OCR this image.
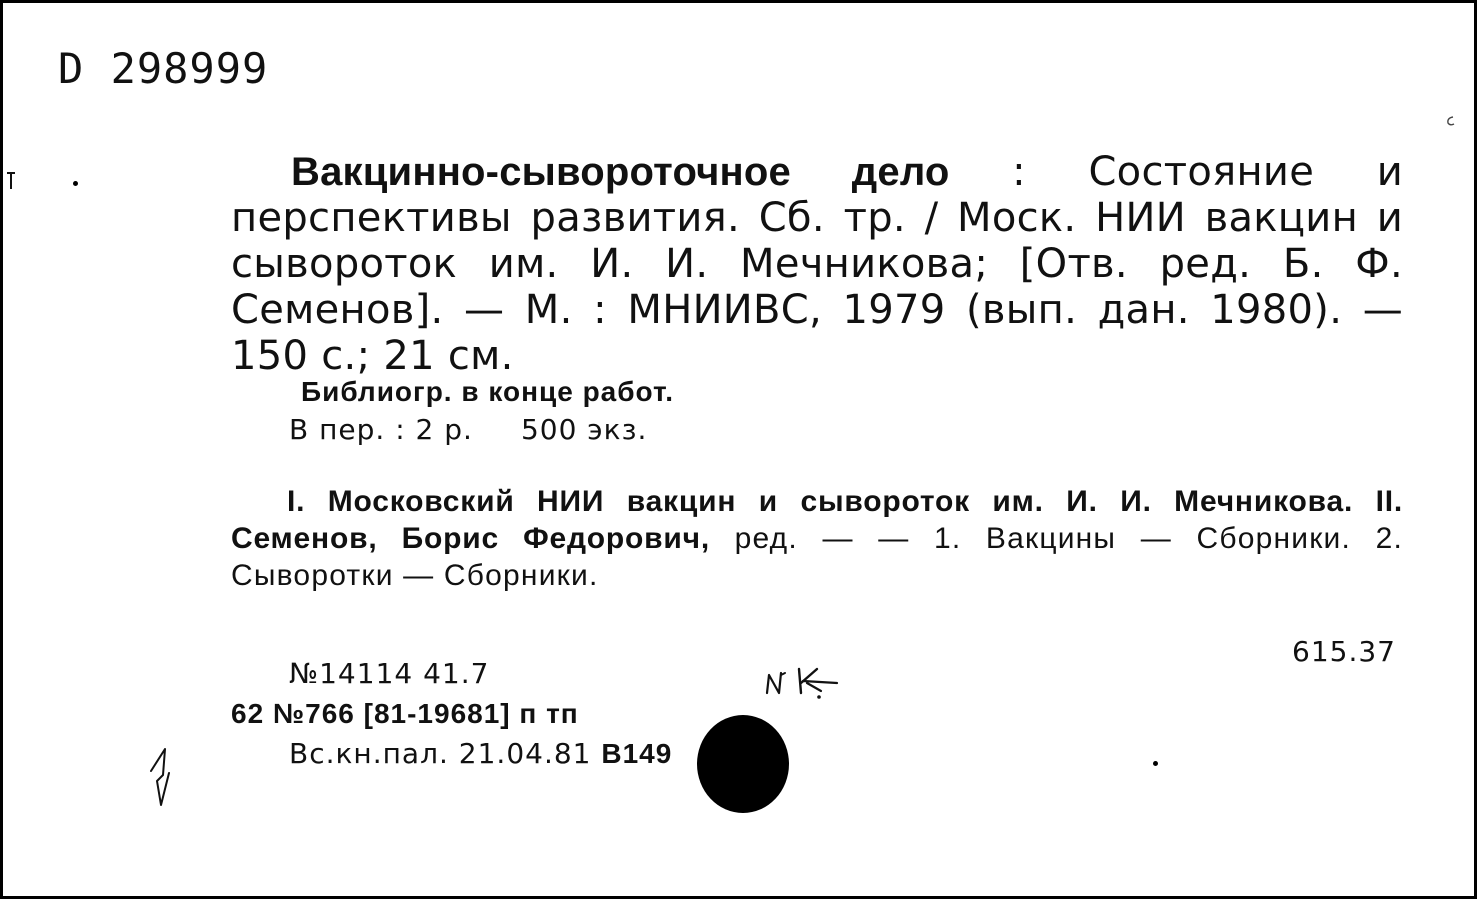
D 298999
Вакцинно-сывороточное дело : Состояние и перспективы развития. Сб. тр. / Моск. НИИ вакцин и сывороток им. И. И. Мечникова; [Отв. ред. Б. Ф. Семенов]. — М. : МНИИВС, 1979 (вып. дан. 1980). — 150 с.; 21 см.
Библиогр. в конце работ.
В пер. : 2 р. 500 экз.
I. Московский НИИ вакцин и сывороток им. И. И. Мечникова. II. Семенов, Борис Федорович, ред. — — 1. Вакцины — Сборники. 2. Сыворотки — Сборники.
615.37
№14114 41.7
62 №766 [81-19681] п тп
Вс.кн.пал. 21.04.81 B149
